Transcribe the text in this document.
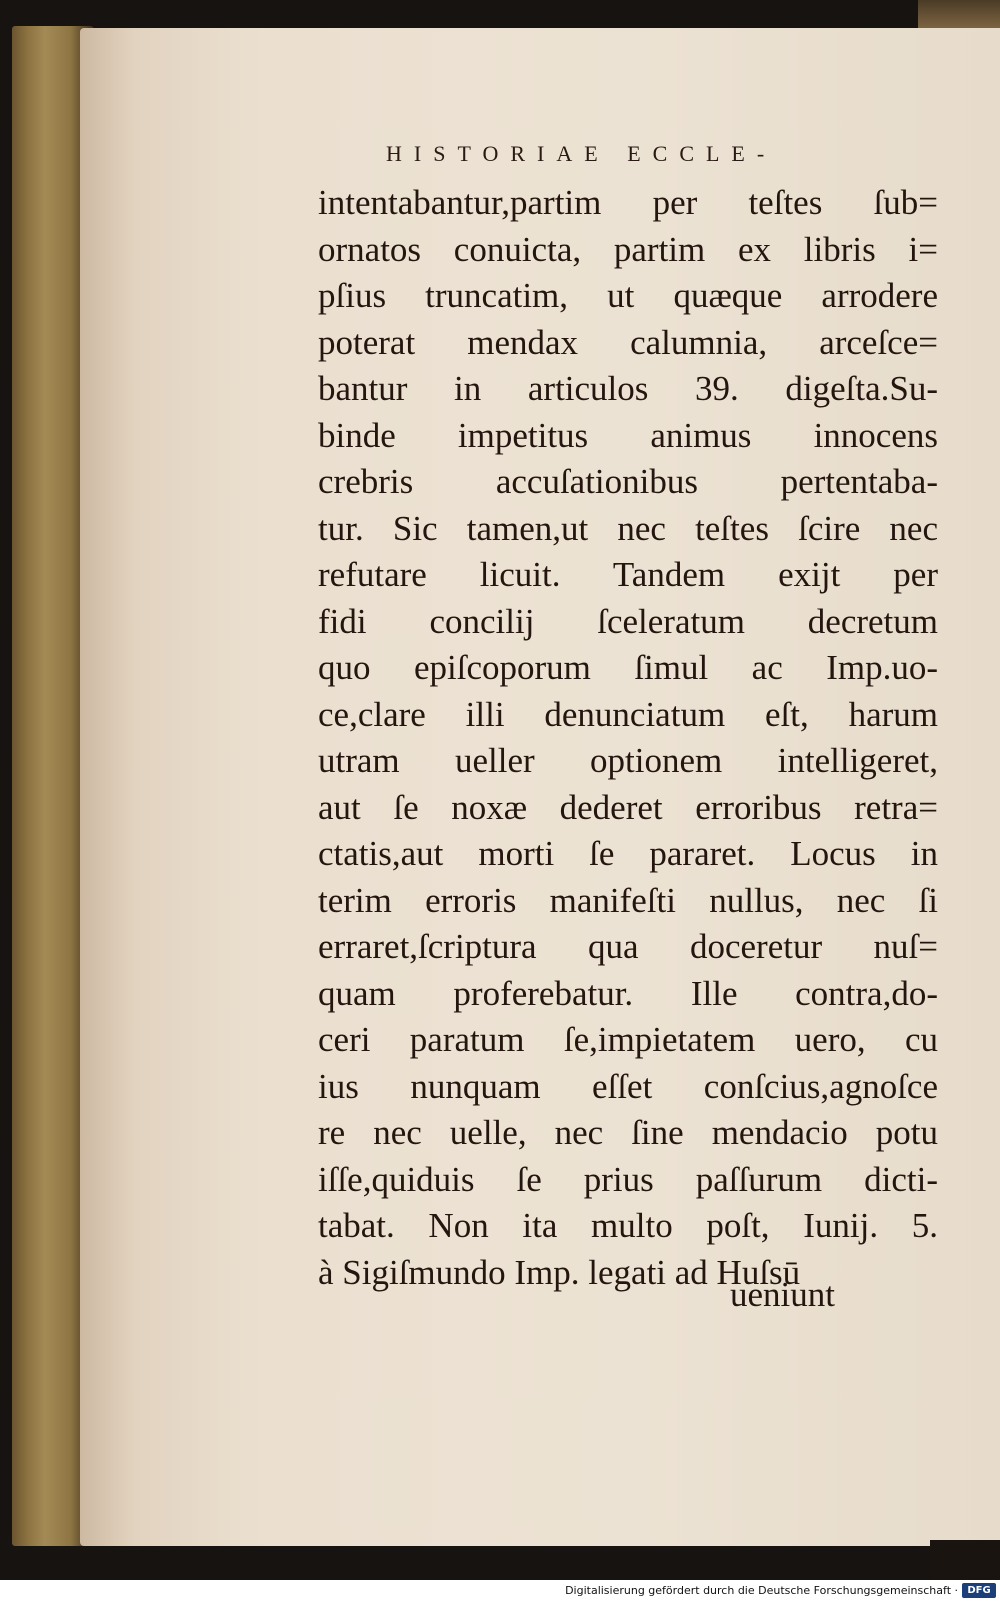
HISTORIAE ECCLE-
intentabantur,partim per teſtes ſub=
ornatos conuicta, partim ex libris i=
pſius truncatim, ut quæque arrodere
poterat mendax calumnia, arceſce=
bantur in articulos 39. digeſta.Su-
binde impetitus animus innocens
crebris accuſationibus pertentaba-
tur. Sic tamen,ut nec teſtes ſcire nec
refutare licuit. Tandem exijt per
fidi concilij ſceleratum decretum
quo epiſcoporum ſimul ac Imp.uo-
ce,clare illi denunciatum eſt, harum
utram ueller optionem intelligeret,
aut ſe noxæ dederet erroribus retra=
ctatis,aut morti ſe pararet. Locus in
terim erroris manifeſti nullus, nec ſi
erraret,ſcriptura qua doceretur nuſ=
quam proferebatur. Ille contra,do-
ceri paratum ſe,impietatem uero, cu
ius nunquam eſſet conſcius,agnoſce
re nec uelle, nec ſine mendacio potu
iſſe,quiduis ſe prius paſſurum dicti-
tabat. Non ita multo poſt, Iunij. 5.
à Sigiſmundo Imp. legati ad Huſsū
ueniunt
Digitalisierung gefördert durch die Deutsche Forschungsgemeinschaft · DFG
